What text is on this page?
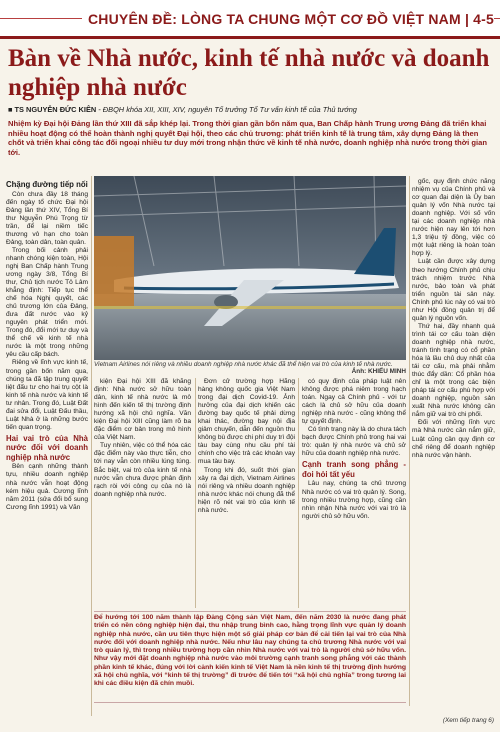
CHUYÊN ĐỀ: LÒNG TA CHUNG MỘT CƠ ĐỒ VIỆT NAM | 4-5
Bàn về Nhà nước, kinh tế nhà nước và doanh nghiệp nhà nước
■ TS NGUYỄN ĐỨC KIÊN - ĐBQH khóa XII, XIII, XIV, nguyên Tổ trưởng Tổ Tư vấn kinh tế của Thủ tướng
Nhiệm kỳ Đại hội Đảng lần thứ XIII đã sắp khép lại. Trong thời gian gần bốn năm qua, Ban Chấp hành Trung ương Đảng đã triển khai nhiều hoạt động có thể hoàn thành nghị quyết Đại hội, theo các chủ trương: phát triển kinh tế là trung tâm, xây dựng Đảng là then chốt và triển khai công tác đối ngoại nhiều tư duy mới trong nhận thức về kinh tế nhà nước, doanh nghiệp nhà nước trong thời gian tới.
Chặng đường tiếp nối

Còn chưa đầy 18 tháng đến ngày tổ chức Đại hội Đảng lần thứ XIV, Tổng Bí thư Nguyễn Phú Trọng từ trần, để lại niềm tiếc thương vô hạn cho toàn Đảng, toàn dân, toàn quân.

Trong bối cảnh phải nhanh chóng kiện toàn, Hội nghị Ban Chấp hành Trung ương ngày 3/8, Tổng Bí thư, Chủ tịch nước Tô Lâm khẳng định: Tiếp tục thể chế hóa Nghị quyết, các chủ trương lớn của Đảng, đưa đất nước vào kỷ nguyên phát triển mới. Trong đó, đổi mới tư duy và thể chế về kinh tế nhà nước là một trong những yêu cầu cấp bách.

Riêng về lĩnh vực kinh tế, trong gần bốn năm qua, chúng ta đã tập trung quyết liệt đấu tư cho hai trụ cột là kinh tế nhà nước và kinh tế tư nhân. Trong đó, Luật Đất đai sửa đổi, Luật Đấu thầu, Luật Nhà ở là những bước tiến quan trọng.

Hai vai trò của Nhà nước đối với doanh nghiệp nhà nước

Bên cạnh những thành tựu, nhiều doanh nghiệp nhà nước vẫn hoạt động kém hiệu quả. Cương lĩnh năm 2011 (sửa đổi bổ sung Cương lĩnh 1991) và Văn

Vietnam Airlines nói riêng và nhiều doanh nghiệp nhà nước khác đã thể hiện vai trò của kinh tế nhà nước.
Ảnh: KHIẾU MINH

kiện Đại hội XIII đã khẳng định: Nhà nước sở hữu toàn dân, kinh tế nhà nước là mô hình đến kiến tế thị trường định hướng xã hội chủ nghĩa. Văn kiện Đại hội XIII cũng làm rõ ba đặc điểm cơ bản trong mô hình của Việt Nam.

Tuy nhiên, việc có thể hóa các đặc điểm này vào thực tiễn, cho tới nay vẫn còn nhiều lúng túng. Bắc biệt, vai trò của kinh tế nhà nước vẫn chưa được phân định rạch ròi với công cụ của nó là doanh nghiệp nhà nước.

Đơn cử trường hợp Hãng hàng không quốc gia Việt Nam trong đại dịch Covid-19. Ảnh hưởng của đại dịch khiến các đường bay quốc tế phải dừng khai thác, đường bay nội địa giảm chuyến, dẫn đến nguồn thu không bù được chi phí duy trì đội tàu bay cùng nhu cầu phí tài chính cho việc trả các khoản vay mua tàu bay.

Trong khi đó, suốt thời gian xảy ra đại dịch, Vietnam Airlines nói riêng và nhiều doanh nghiệp nhà nước khác nói chung đã thể hiện rõ nét vai trò của kinh tế nhà nước.

có quy định của pháp luật nên không được phá niêm trong hạch toán. Ngay cả Chính phủ - với tư cách là chủ sở hữu của doanh nghiệp nhà nước - cũng không thể tự quyết định.

Có tình trạng này là do chưa tách bạch được Chính phủ trong hai vai trò: quản lý nhà nước và chủ sở hữu của doanh nghiệp nhà nước.

Cạnh tranh song phẳng - đoi hỏi tất yếu

Lâu nay, chúng ta chủ trương Nhà nước có vai trò quản lý. Song, trong nhiều trường hợp, cũng cần nhìn nhận Nhà nước với vai trò là người chủ sở hữu vốn.

gốc, quy định chức năng nhiệm vụ của Chính phủ và cơ quan đại diện là Ủy ban quản lý vốn Nhà nước tại doanh nghiệp. Với số vốn tại các doanh nghiệp nhà nước hiện nay lên tới hơn 1,3 triệu tỷ đồng, việc có một luật riêng là hoàn toàn hợp lý.

Luật cần được xây dựng theo hướng Chính phủ chịu trách nhiệm trước Nhà nước, bảo toàn và phát triển nguồn tài sản này. Chính phủ lúc này có vai trò như Hội đồng quản trị để quản lý nguồn vốn.

Thứ hai, đầy nhanh quá trình tái cơ cấu toàn diện doanh nghiệp nhà nước, tránh tình trạng có cổ phần hóa là lầu chủ duy nhất của tái cơ cấu, mà phải nhằm thúc đẩy dần: Cổ phần hóa chỉ là một trong các biện pháp tái cơ cấu phù hợp với doanh nghiệp, nguồn sản xuất Nhà nước không cần nắm giữ vai trò chi phối.

Đối với những lĩnh vực mà Nhà nước cần nắm giữ, Luật cũng cần quy định cơ chế riêng để doanh nghiệp nhà nước vận hành.

Để hướng tới 100 năm thành lập Đảng Cộng sản Việt Nam, đến năm 2030 là nước đang phát triển có nền công nghiệp hiện đại, thu nhập trung bình cao, hằng trọng lĩnh vực quản lý doanh nghiệp nhà nước, cần ưu tiên thực hiện một số giải pháp cơ bản để cải tiến lại vai trò của Nhà nước đối với doanh nghiệp nhà nước. Nếu như lâu nay chúng ta chủ trương Nhà nước với vai trò quản lý, thì trong nhiều trường hợp cần nhìn Nhà nước với vai trò là người chủ sở hữu vốn. Như vậy mới đặt doanh nghiệp nhà nước vào môi trường cạnh tranh song phẳng với các thành phần kinh tế khác, đúng với lời cảnh kiến kinh tế Việt Nam là nền kinh tế thị trường định hướng xã hội chủ nghĩa, với “kinh tế thị trường” đi trước để tiến tới “xã hội chủ nghĩa” trong tương lai khi các điều kiện đã chín muồi.
(Xem tiếp trang 6)
